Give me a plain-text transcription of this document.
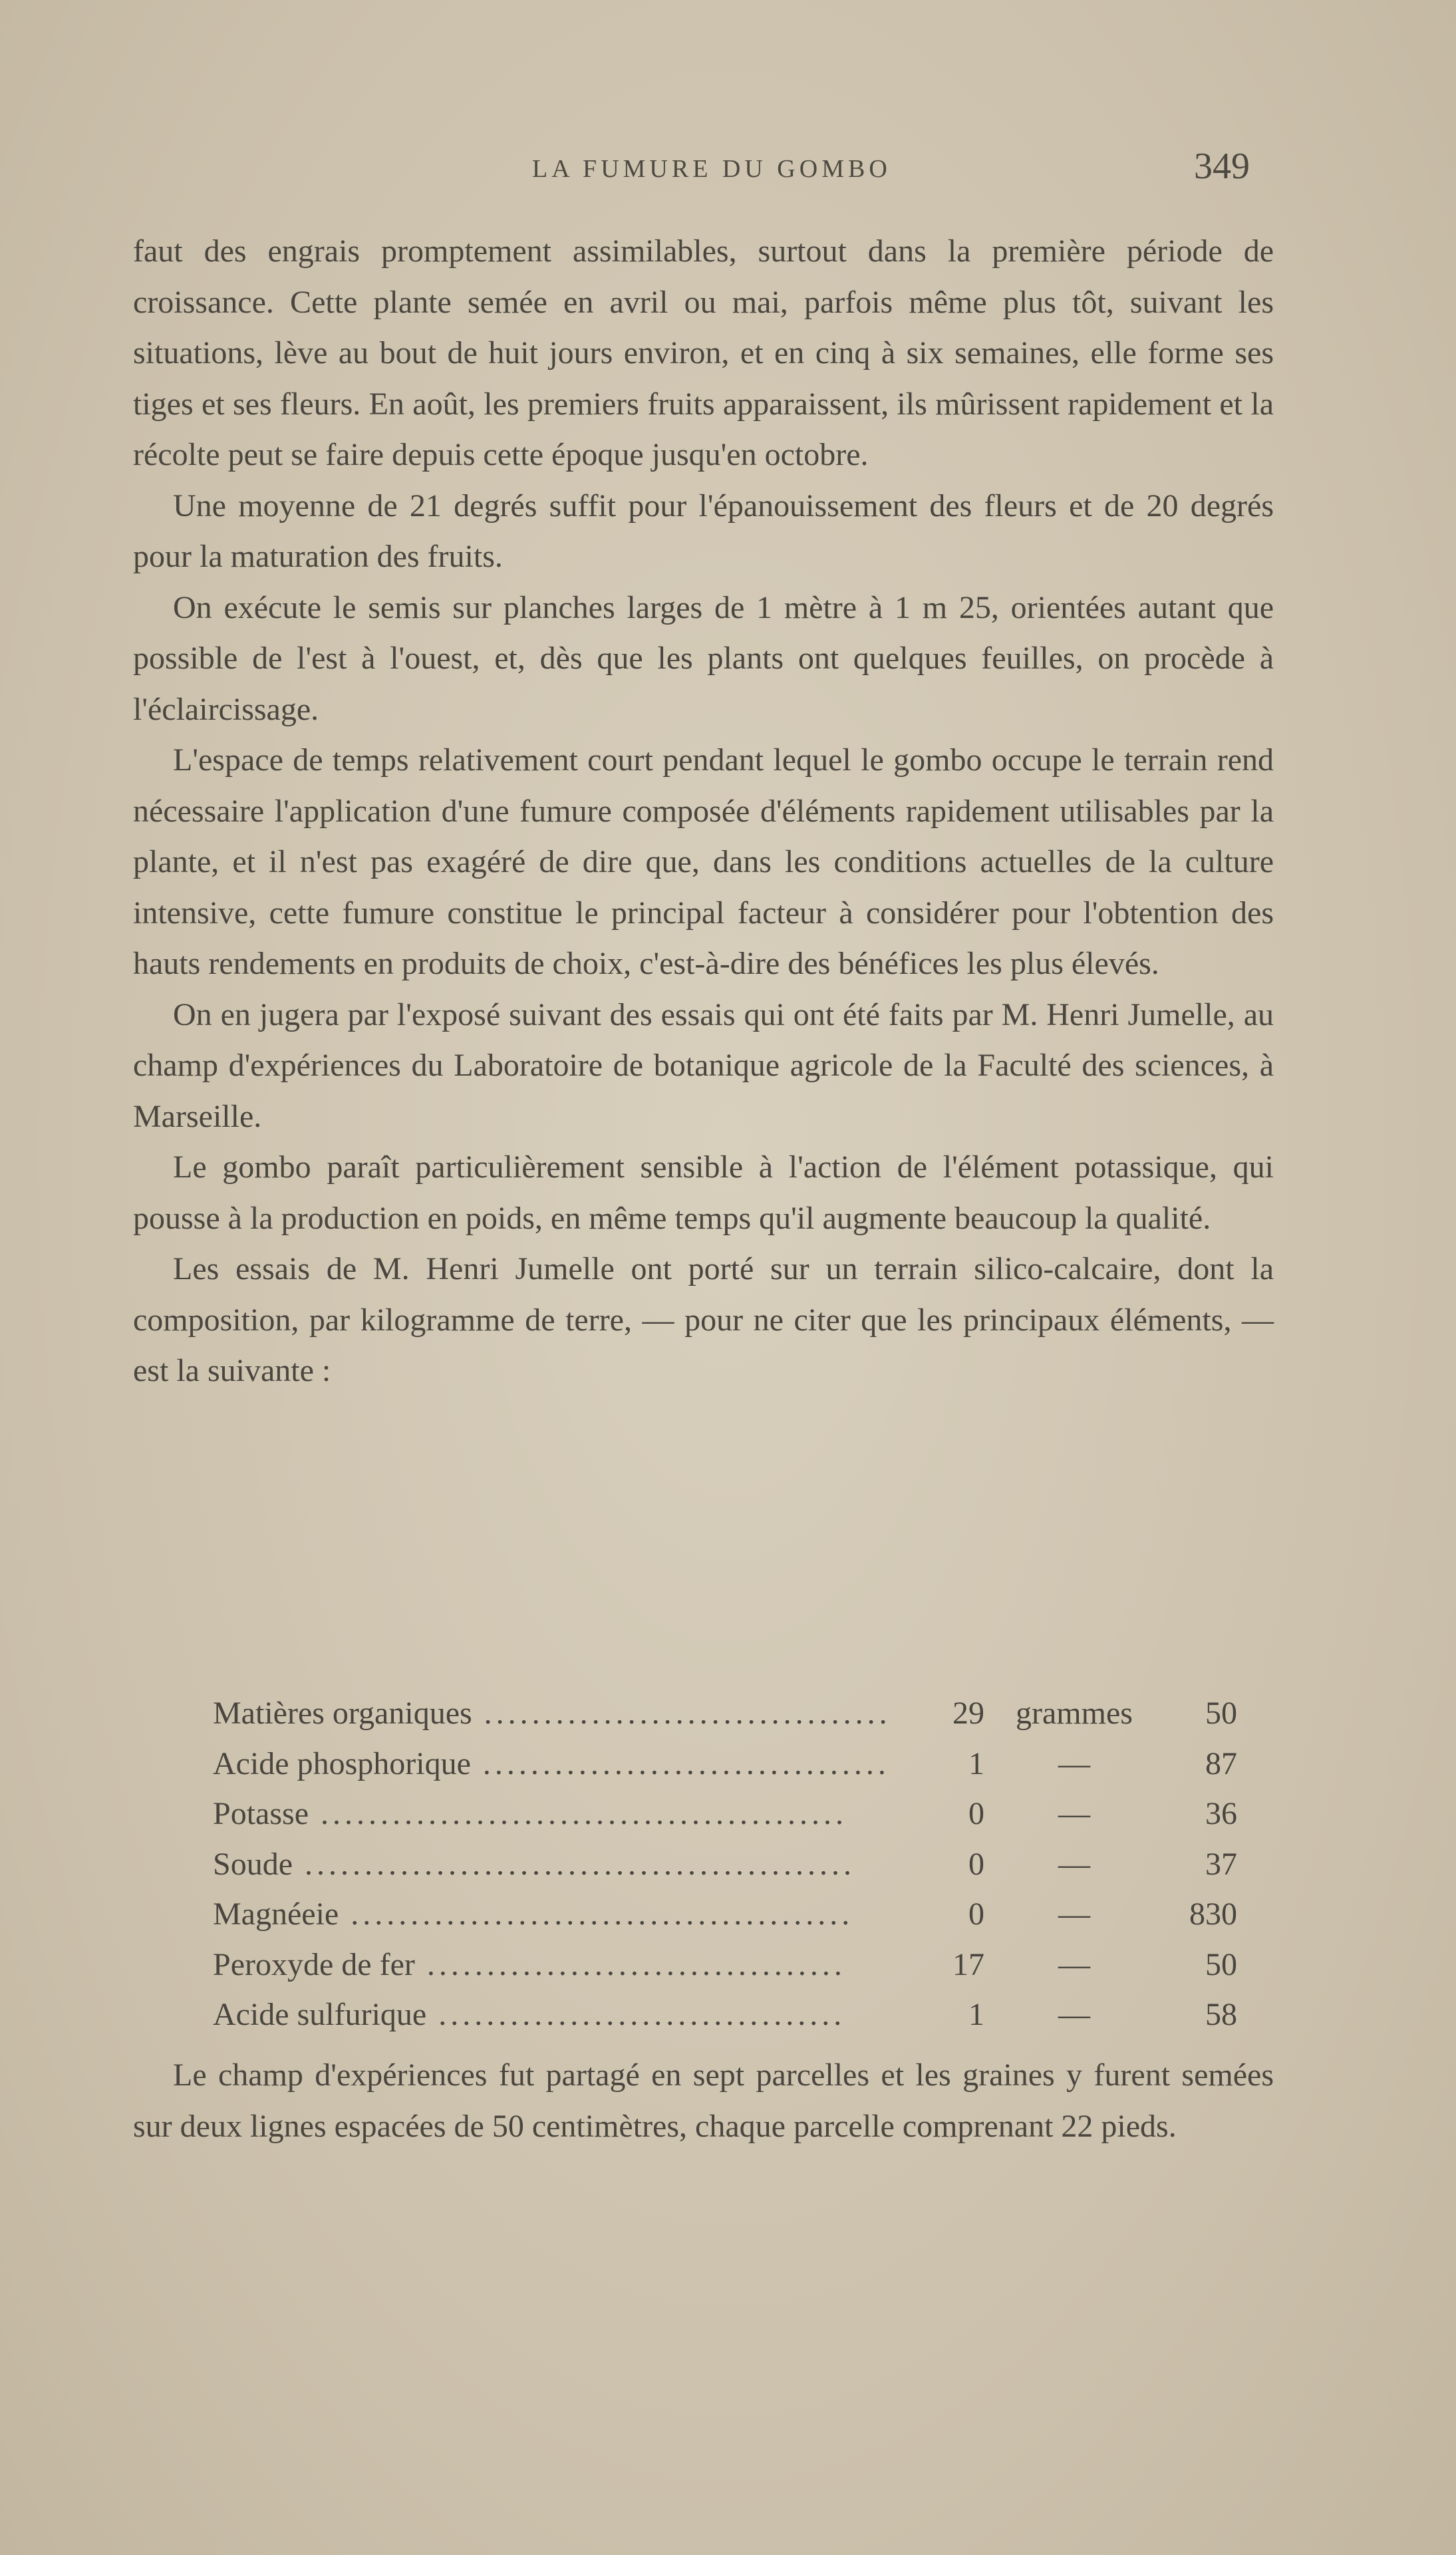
LA FUMURE DU GOMBO	349

faut des engrais promptement assimilables, surtout dans la première période de croissance. Cette plante semée en avril ou mai, parfois même plus tôt, suivant les situations, lève au bout de huit jours environ, et en cinq à six semaines, elle forme ses tiges et ses fleurs. En août, les premiers fruits apparaissent, ils mûrissent rapidement et la récolte peut se faire depuis cette époque jusqu'en octobre.

Une moyenne de 21 degrés suffit pour l'épanouissement des fleurs et de 20 degrés pour la maturation des fruits.

On exécute le semis sur planches larges de 1 mètre à 1 m 25, orientées autant que possible de l'est à l'ouest, et, dès que les plants ont quelques feuilles, on procède à l'éclaircissage.

L'espace de temps relativement court pendant lequel le gombo occupe le terrain rend nécessaire l'application d'une fumure composée d'éléments rapidement utilisables par la plante, et il n'est pas exagéré de dire que, dans les conditions actuelles de la culture intensive, cette fumure constitue le principal facteur à considérer pour l'obtention des hauts rendements en produits de choix, c'est-à-dire des bénéfices les plus élevés.

On en jugera par l'exposé suivant des essais qui ont été faits par M. Henri Jumelle, au champ d'expériences du Laboratoire de botanique agricole de la Faculté des sciences, à Marseille.

Le gombo paraît particulièrement sensible à l'action de l'élément potassique, qui pousse à la production en poids, en même temps qu'il augmente beaucoup la qualité.

Les essais de M. Henri Jumelle ont porté sur un terrain silico-calcaire, dont la composition, par kilogramme de terre, — pour ne citer que les principaux éléments, — est la suivante :

Matières organiques ..................................	29 grammes	50
Acide phosphorique ..................................	1	—	87
Potasse ............................................	0	—	36
Soude ..............................................	0	—	37
Magnéeie ..........................................	0	—	830
Peroxyde de fer ...................................	17	—	50
Acide sulfurique ..................................	1	—	58

Le champ d'expériences fut partagé en sept parcelles et les graines y furent semées sur deux lignes espacées de 50 centimètres, chaque parcelle comprenant 22 pieds.
